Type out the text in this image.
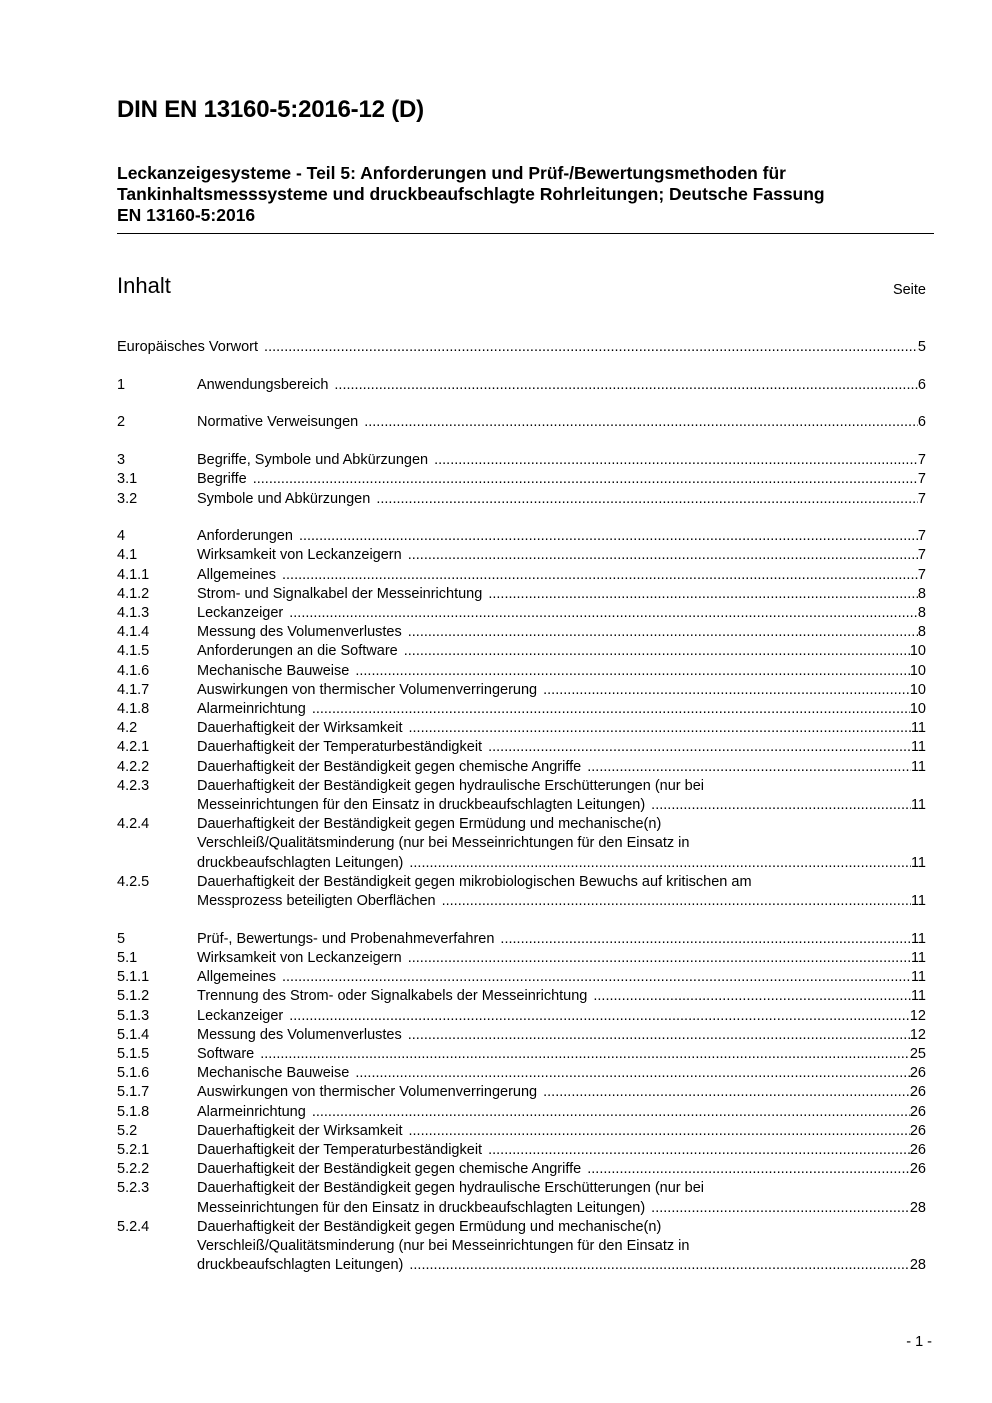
DIN EN 13160-5:2016-12 (D)
Leckanzeigesysteme - Teil 5: Anforderungen und Prüf-/Bewertungsmethoden für
Tankinhaltsmesssysteme und druckbeaufschlagte Rohrleitungen; Deutsche Fassung
EN 13160-5:2016
Inhalt	Seite
Europäisches Vorwort .....	5
1	Anwendungsbereich .....	6
2	Normative Verweisungen .....	6
3	Begriffe, Symbole und Abkürzungen .....	7
3.1	Begriffe .....	7
3.2	Symbole und Abkürzungen .....	7
4	Anforderungen .....	7
4.1	Wirksamkeit von Leckanzeigern .....	7
4.1.1	Allgemeines .....	7
4.1.2	Strom- und Signalkabel der Messeinrichtung .....	8
4.1.3	Leckanzeiger .....	8
4.1.4	Messung des Volumenverlustes .....	8
4.1.5	Anforderungen an die Software .....	10
4.1.6	Mechanische Bauweise .....	10
4.1.7	Auswirkungen von thermischer Volumenverringerung .....	10
4.1.8	Alarmeinrichtung .....	10
4.2	Dauerhaftigkeit der Wirksamkeit .....	11
4.2.1	Dauerhaftigkeit der Temperaturbeständigkeit .....	11
4.2.2	Dauerhaftigkeit der Beständigkeit gegen chemische Angriffe .....	11
4.2.3	Dauerhaftigkeit der Beständigkeit gegen hydraulische Erschütterungen (nur bei
Messeinrichtungen für den Einsatz in druckbeaufschlagten Leitungen) .....	11
4.2.4	Dauerhaftigkeit der Beständigkeit gegen Ermüdung und mechanische(n)
Verschleiß/Qualitätsminderung (nur bei Messeinrichtungen für den Einsatz in
druckbeaufschlagten Leitungen) .....	11
4.2.5	Dauerhaftigkeit der Beständigkeit gegen mikrobiologischen Bewuchs auf kritischen am
Messprozess beteiligten Oberflächen .....	11
5	Prüf-, Bewertungs- und Probenahmeverfahren .....	11
5.1	Wirksamkeit von Leckanzeigern .....	11
5.1.1	Allgemeines .....	11
5.1.2	Trennung des Strom- oder Signalkabels der Messeinrichtung .....	11
5.1.3	Leckanzeiger .....	12
5.1.4	Messung des Volumenverlustes .....	12
5.1.5	Software .....	25
5.1.6	Mechanische Bauweise .....	26
5.1.7	Auswirkungen von thermischer Volumenverringerung .....	26
5.1.8	Alarmeinrichtung .....	26
5.2	Dauerhaftigkeit der Wirksamkeit .....	26
5.2.1	Dauerhaftigkeit der Temperaturbeständigkeit .....	26
5.2.2	Dauerhaftigkeit der Beständigkeit gegen chemische Angriffe .....	26
5.2.3	Dauerhaftigkeit der Beständigkeit gegen hydraulische Erschütterungen (nur bei
Messeinrichtungen für den Einsatz in druckbeaufschlagten Leitungen) .....	28
5.2.4	Dauerhaftigkeit der Beständigkeit gegen Ermüdung und mechanische(n)
Verschleiß/Qualitätsminderung (nur bei Messeinrichtungen für den Einsatz in
druckbeaufschlagten Leitungen) .....	28
- 1 -
